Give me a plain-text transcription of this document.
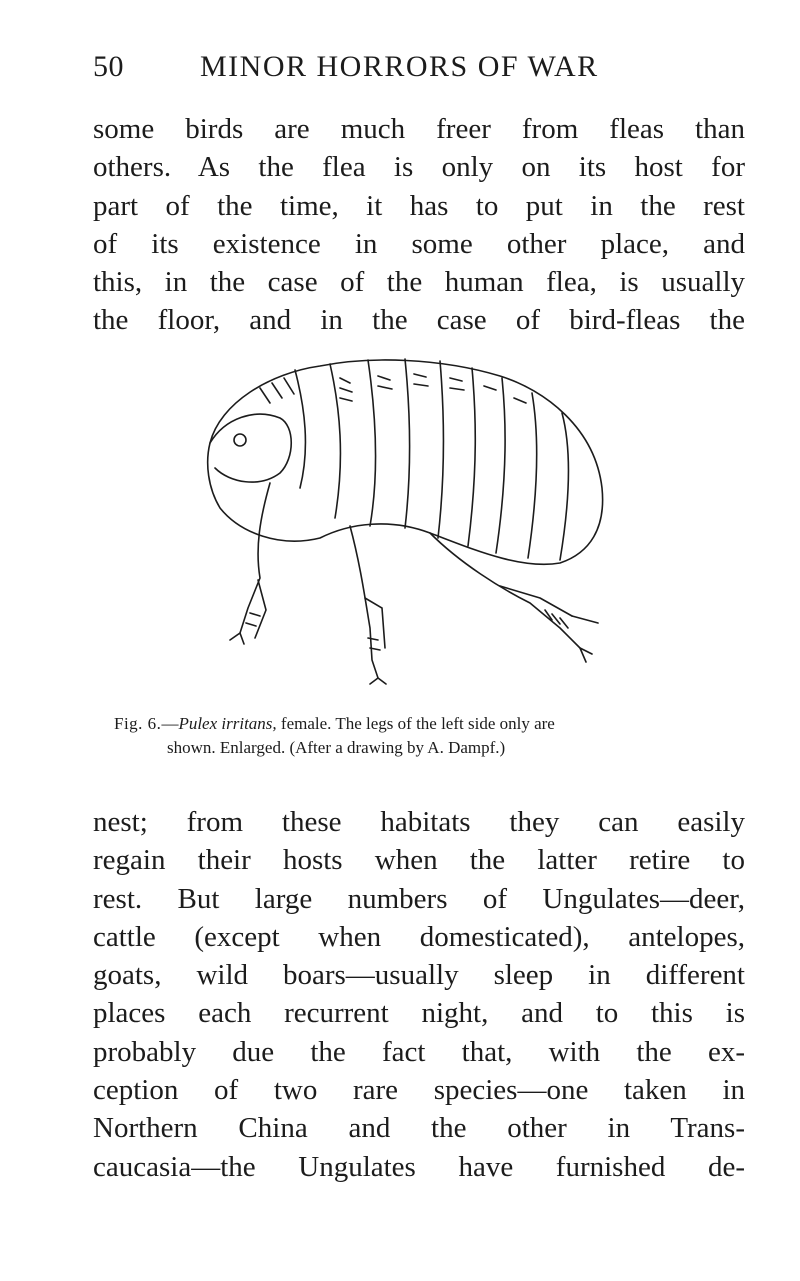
50	MINOR HORRORS OF WAR
some birds are much freer from fleas than
others. As the flea is only on its host for
part of the time, it has to put in the rest
of its existence in some other place, and
this, in the case of the human flea, is usually
the floor, and in the case of bird-fleas the
Fig. 6.—Pulex irritans, female. The legs of the left side only are
shown. Enlarged. (After a drawing by A. Dampf.)
nest; from these habitats they can easily
regain their hosts when the latter retire to
rest. But large numbers of Ungulates—deer,
cattle (except when domesticated), antelopes,
goats, wild boars—usually sleep in different
places each recurrent night, and to this is
probably due the fact that, with the ex-
ception of two rare species—one taken in
Northern China and the other in Trans-
caucasia—the Ungulates have furnished de-
